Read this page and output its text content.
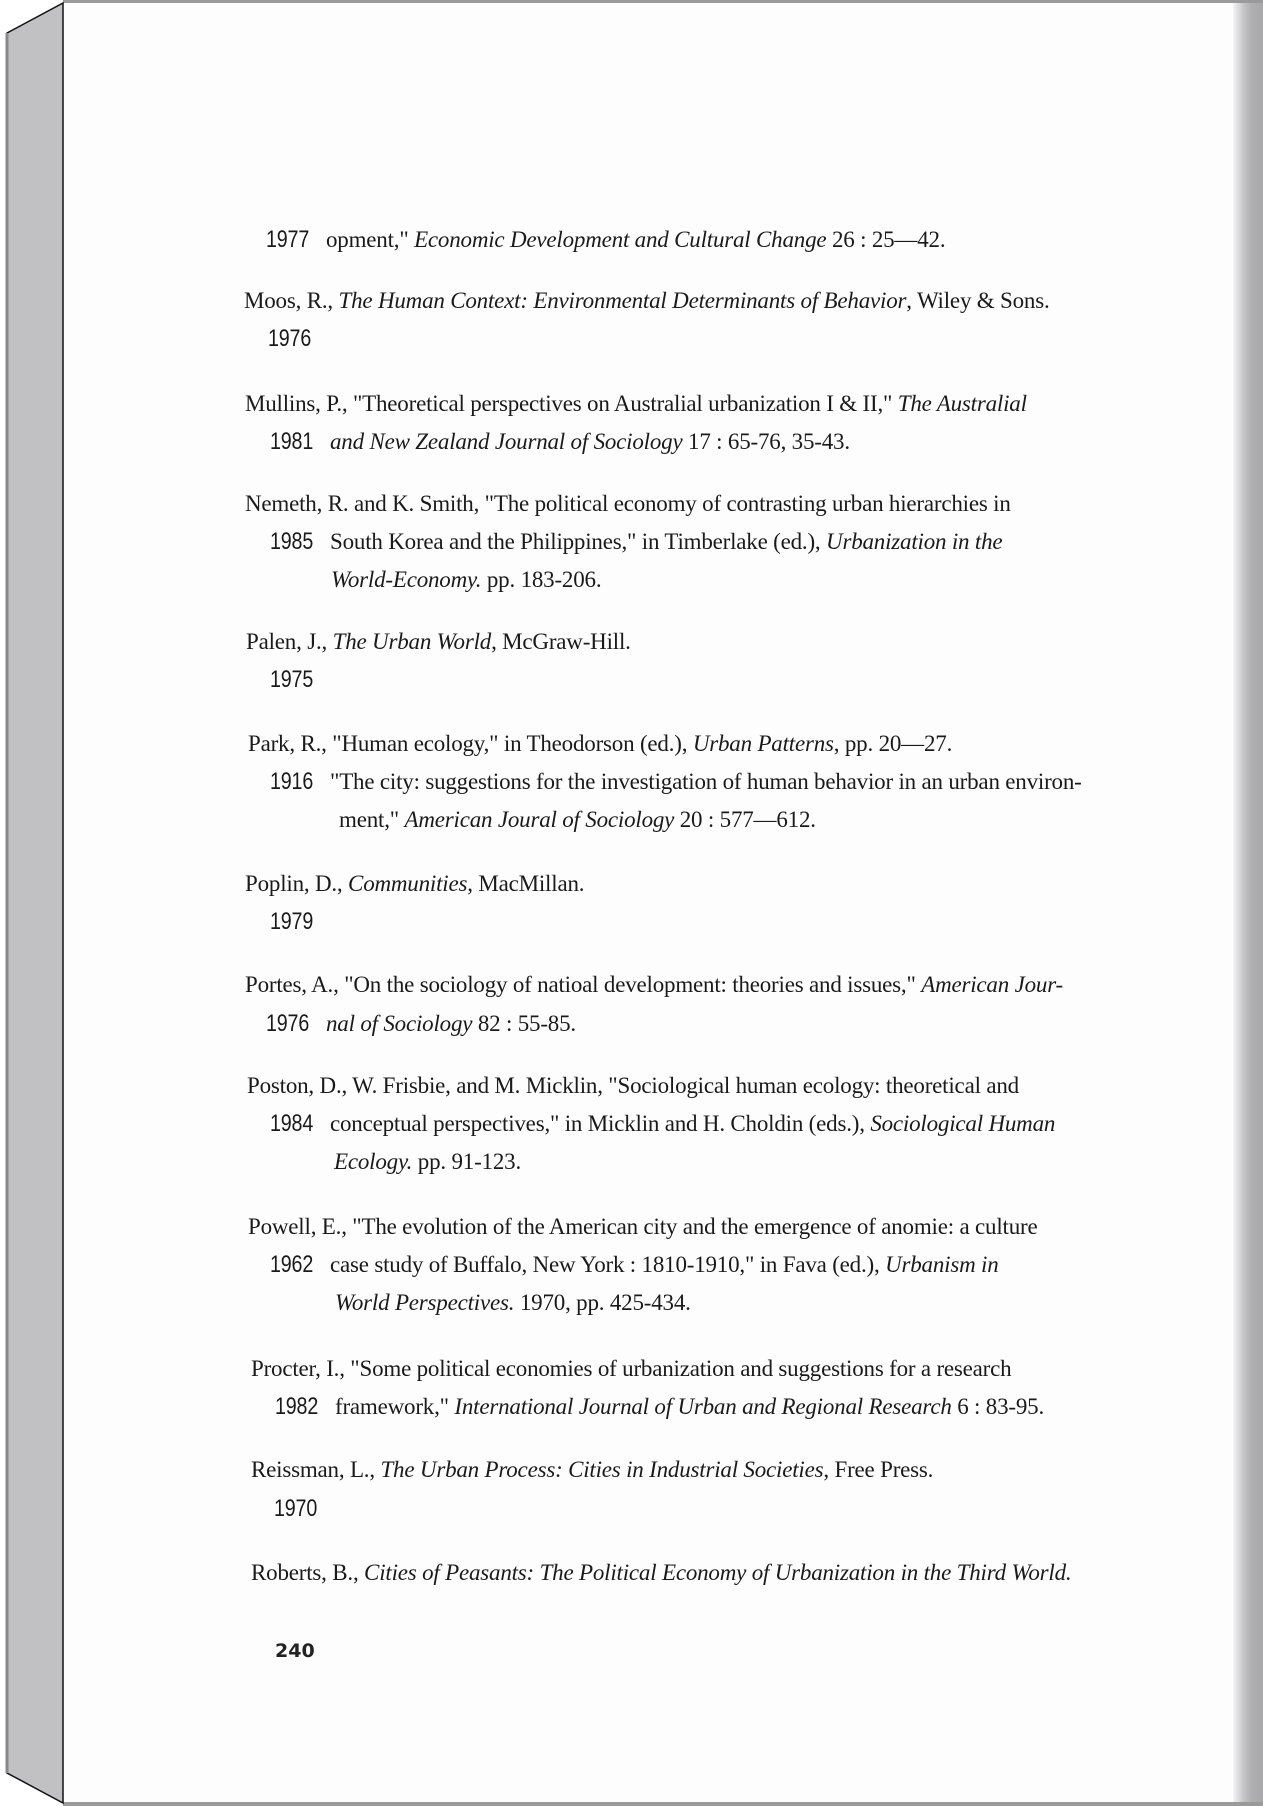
1977 opment," Economic Development and Cultural Change 26 : 25—42.
Moos, R., The Human Context: Environmental Determinants of Behavior, Wiley & Sons.
1976
Mullins, P., "Theoretical perspectives on Australial urbanization I & II," The Australial
1981 and New Zealand Journal of Sociology 17 : 65-76, 35-43.
Nemeth, R. and K. Smith, "The political economy of contrasting urban hierarchies in
1985 South Korea and the Philippines," in Timberlake (ed.), Urbanization in the
World-Economy. pp. 183-206.
Palen, J., The Urban World, McGraw-Hill.
1975
Park, R., "Human ecology," in Theodorson (ed.), Urban Patterns, pp. 20—27.
1916 "The city: suggestions for the investigation of human behavior in an urban environ-
ment," American Joural of Sociology 20 : 577—612.
Poplin, D., Communities, MacMillan.
1979
Portes, A., "On the sociology of natioal development: theories and issues," American Jour-
1976 nal of Sociology 82 : 55-85.
Poston, D., W. Frisbie, and M. Micklin, "Sociological human ecology: theoretical and
1984 conceptual perspectives," in Micklin and H. Choldin (eds.), Sociological Human
Ecology. pp. 91-123.
Powell, E., "The evolution of the American city and the emergence of anomie: a culture
1962 case study of Buffalo, New York : 1810-1910," in Fava (ed.), Urbanism in
World Perspectives. 1970, pp. 425-434.
Procter, I., "Some political economies of urbanization and suggestions for a research
1982 framework," International Journal of Urban and Regional Research 6 : 83-95.
Reissman, L., The Urban Process: Cities in Industrial Societies, Free Press.
1970
Roberts, B., Cities of Peasants: The Political Economy of Urbanization in the Third World.
240
